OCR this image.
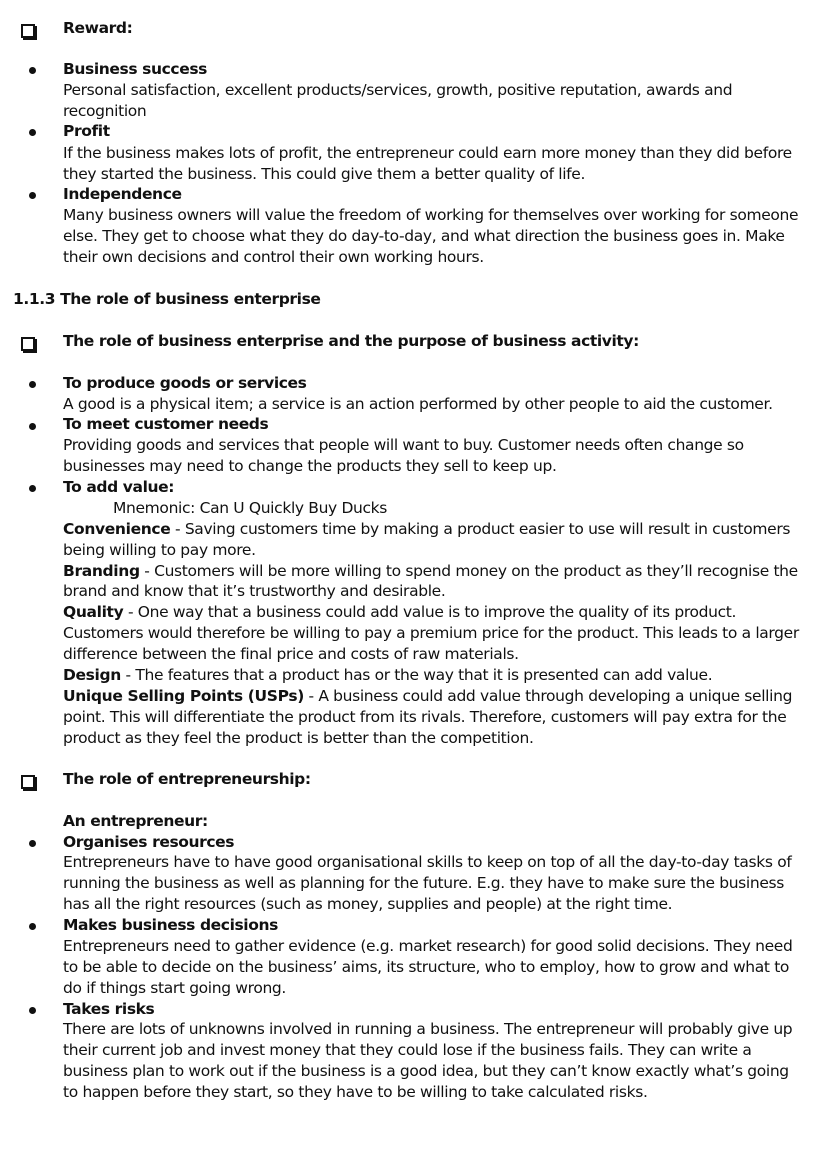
Reward:
Business success
Personal satisfaction, excellent products/services, growth, positive reputation, awards and
recognition
Profit
If the business makes lots of profit, the entrepreneur could earn more money than they did before
they started the business. This could give them a better quality of life.
Independence
Many business owners will value the freedom of working for themselves over working for someone
else. They get to choose what they do day-to-day, and what direction the business goes in. Make
their own decisions and control their own working hours.
1.1.3 The role of business enterprise
The role of business enterprise and the purpose of business activity:
To produce goods or services
A good is a physical item; a service is an action performed by other people to aid the customer.
To meet customer needs
Providing goods and services that people will want to buy. Customer needs often change so
businesses may need to change the products they sell to keep up.
To add value:
Mnemonic: Can U Quickly Buy Ducks
Convenience - Saving customers time by making a product easier to use will result in customers
being willing to pay more.
Branding - Customers will be more willing to spend money on the product as they’ll recognise the
brand and know that it’s trustworthy and desirable.
Quality - One way that a business could add value is to improve the quality of its product.
Customers would therefore be willing to pay a premium price for the product. This leads to a larger
difference between the final price and costs of raw materials.
Design - The features that a product has or the way that it is presented can add value.
Unique Selling Points (USPs) - A business could add value through developing a unique selling
point. This will differentiate the product from its rivals. Therefore, customers will pay extra for the
product as they feel the product is better than the competition.
The role of entrepreneurship:
An entrepreneur:
Organises resources
Entrepreneurs have to have good organisational skills to keep on top of all the day-to-day tasks of
running the business as well as planning for the future. E.g. they have to make sure the business
has all the right resources (such as money, supplies and people) at the right time.
Makes business decisions
Entrepreneurs need to gather evidence (e.g. market research) for good solid decisions. They need
to be able to decide on the business’ aims, its structure, who to employ, how to grow and what to
do if things start going wrong.
Takes risks
There are lots of unknowns involved in running a business. The entrepreneur will probably give up
their current job and invest money that they could lose if the business fails. They can write a
business plan to work out if the business is a good idea, but they can’t know exactly what’s going
to happen before they start, so they have to be willing to take calculated risks.
